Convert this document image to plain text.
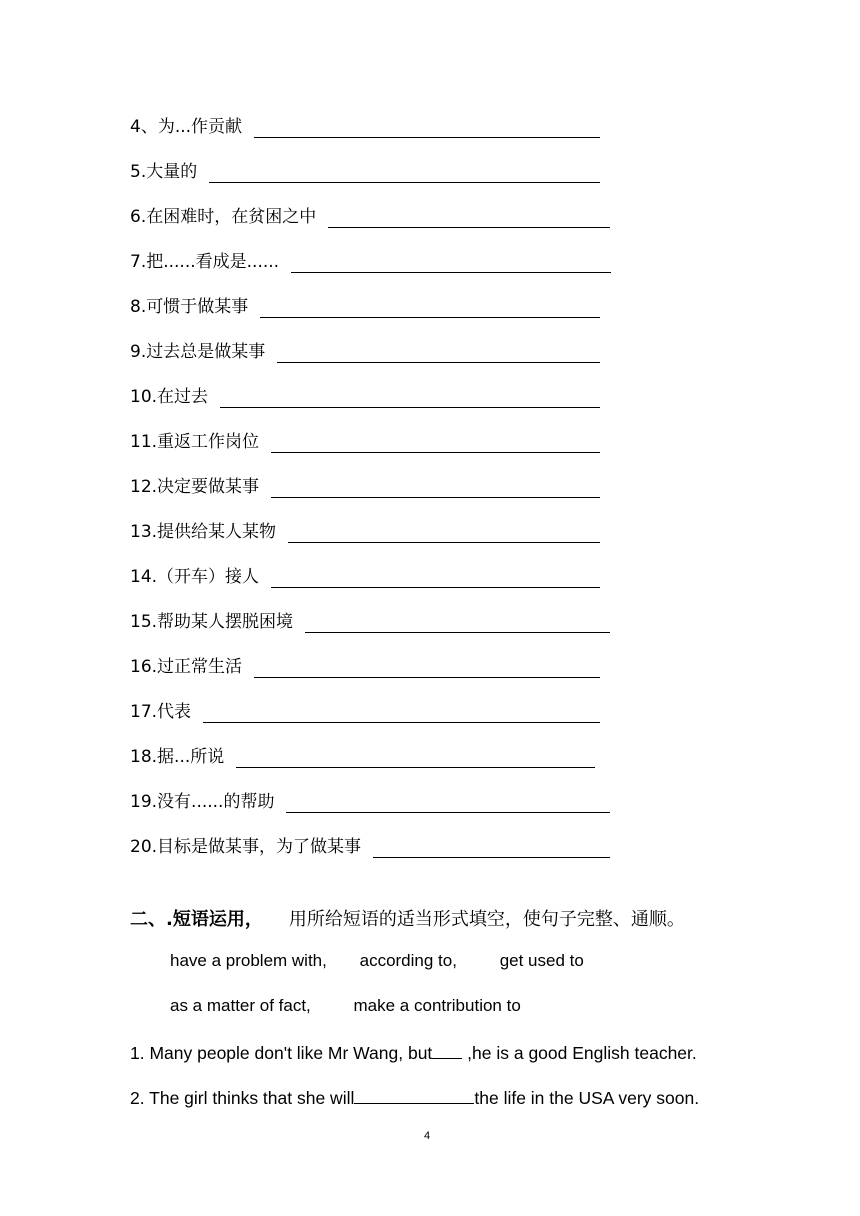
4、为...作贡献
5.大量的
6.在困难时，在贫困之中
7.把......看成是......
8.可惯于做某事
9.过去总是做某事
10.在过去
11.重返工作岗位
12.决定要做某事
13.提供给某人某物
14.（开车）接人
15.帮助某人摆脱困境
16.过正常生活
17.代表
18.据...所说
19.没有......的帮助
20.目标是做某事，为了做某事
二、.短语运用， 用所给短语的适当形式填空，使句子完整、通顺。
have a problem with, according to,	get used to
as a matter of fact,	make a contribution to
1. Many people don't like Mr Wang, but ,he is a good English teacher.
2. The girl thinks that she will	the life in the USA very soon.
4
